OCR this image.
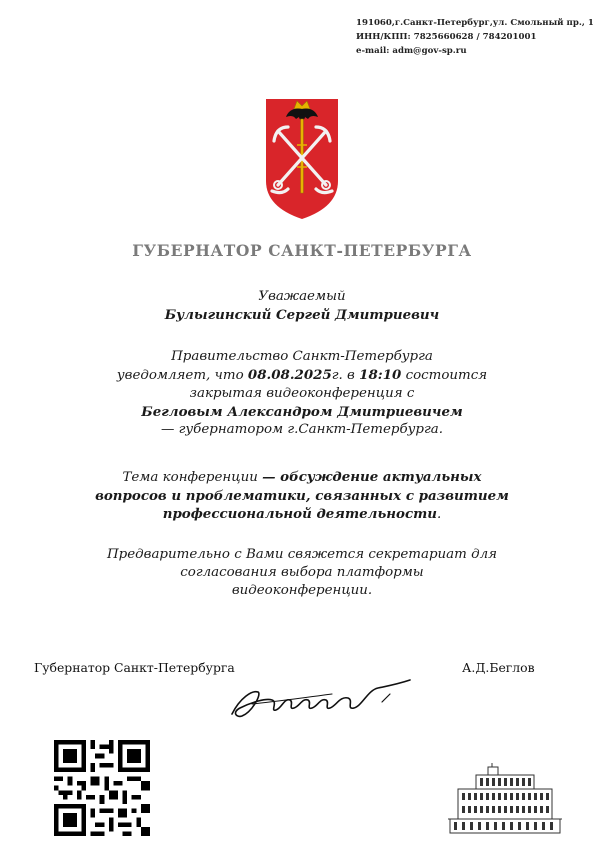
191060,г.Санкт-Петербург,ул. Смольный пр., 1
ИНН/КПП: 7825660628 / 784201001
e-mail: adm@gov-sp.ru
ГУБЕРНАТОР САНКТ-ПЕТЕРБУРГА
Уважаемый
Булыгинский Сергей Дмитриевич
Правительство Санкт-Петербурга
уведомляет, что 08.08.2025г. в 18:10 состоится
закрытая видеоконференция с
Бегловым Александром Дмитриевичем
— губернатором г.Санкт-Петербурга.
Тема конференции — обсуждение актуальных
вопросов и проблематики, связанных с развитием
профессиональной деятельности.
Предварительно с Вами свяжется секретариат для
согласования выбора платформы
видеоконференции.
Губернатор Санкт-Петербурга	А.Д.Беглов
